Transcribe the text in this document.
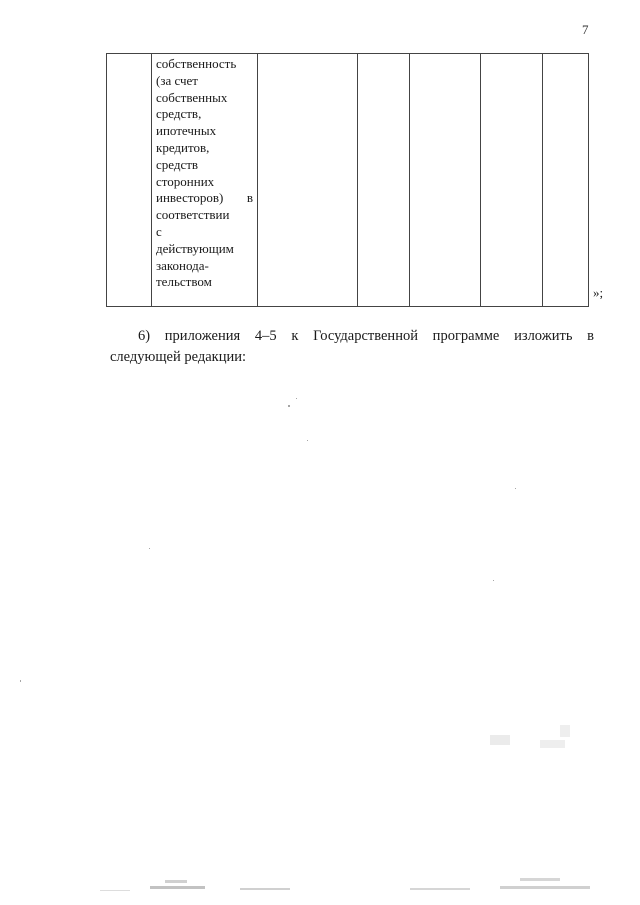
7

собственность
(за счет
собственных
средств,
ипотечных
кредитов,
средств
сторонних
инвесторов) в
соответствии
с
действующим
законода-
тельством

»;
6) приложения 4–5 к Государственной программе изложить в
следующей редакции:
